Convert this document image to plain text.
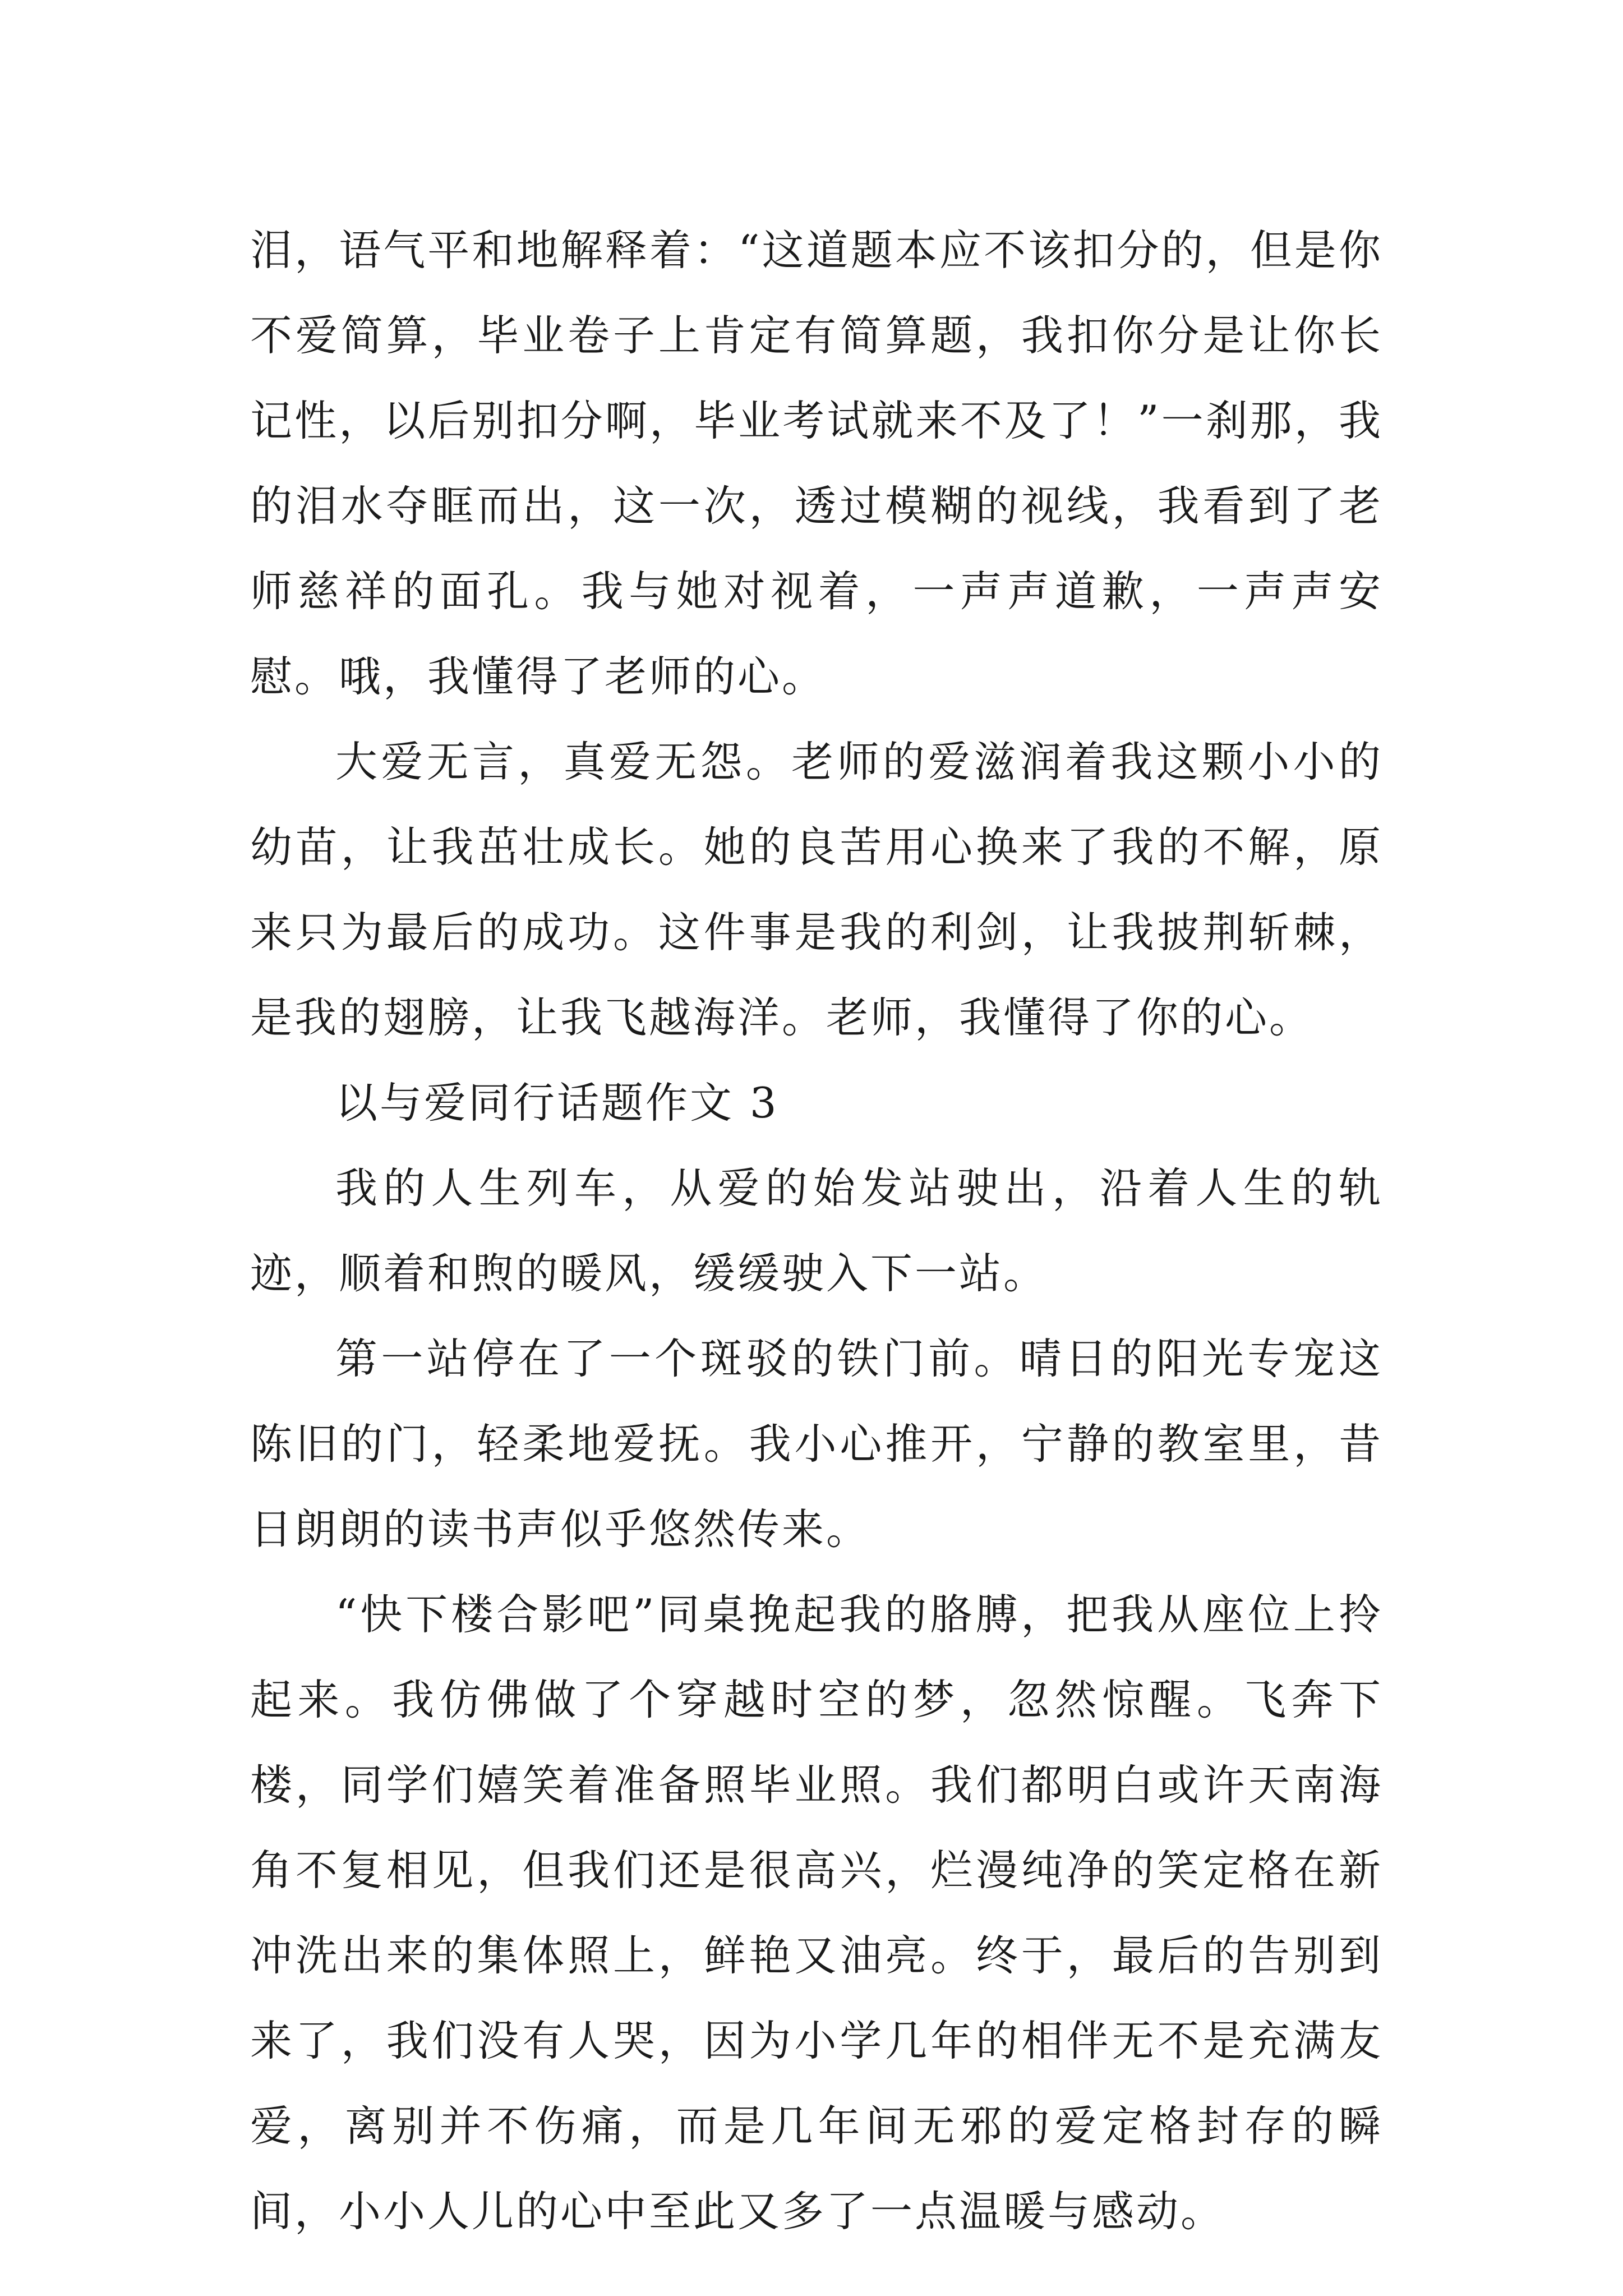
泪，语气平和地解释着：“这道题本应不该扣分的，但是你不爱简算，毕业卷子上肯定有简算题，我扣你分是让你长记性，以后别扣分啊，毕业考试就来不及了！”一刹那，我的泪水夺眶而出，这一次，透过模糊的视线，我看到了老师慈祥的面孔。我与她对视着，一声声道歉，一声声安慰。哦，我懂得了老师的心。

大爱无言，真爱无怨。老师的爱滋润着我这颗小小的幼苗，让我茁壮成长。她的良苦用心换来了我的不解，原来只为最后的成功。这件事是我的利剑，让我披荆斩棘，是我的翅膀，让我飞越海洋。老师，我懂得了你的心。

以与爱同行话题作文 3

我的人生列车，从爱的始发站驶出，沿着人生的轨迹，顺着和煦的暖风，缓缓驶入下一站。

第一站停在了一个斑驳的铁门前。晴日的阳光专宠这陈旧的门，轻柔地爱抚。我小心推开，宁静的教室里，昔日朗朗的读书声似乎悠然传来。

“快下楼合影吧”同桌挽起我的胳膊，把我从座位上拎起来。我仿佛做了个穿越时空的梦，忽然惊醒。飞奔下楼，同学们嬉笑着准备照毕业照。我们都明白或许天南海角不复相见，但我们还是很高兴，烂漫纯净的笑定格在新冲洗出来的集体照上，鲜艳又油亮。终于，最后的告别到来了，我们没有人哭，因为小学几年的相伴无不是充满友爱，离别并不伤痛，而是几年间无邪的爱定格封存的瞬间，小小人儿的心中至此又多了一点温暖与感动。
